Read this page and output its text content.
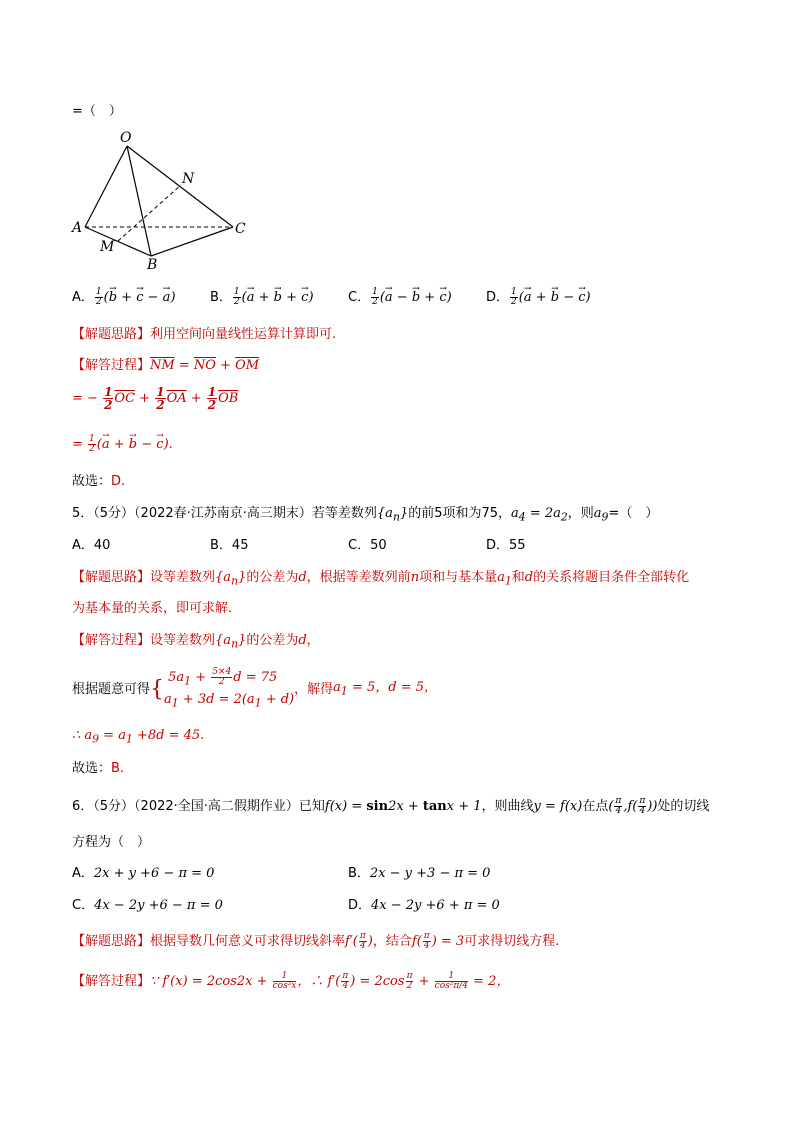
=（　）
O
N
A	C
M
B
A． $\frac{1}{2}$ (→ b + → c − → a)	B． $\frac{1}{2}$ (→ a + → b + → c)	C． $\frac{1}{2}$ (→ a − → b + → c)	D． $\frac{1}{2}$ (→ a + → b − → c)
【解题思路】利用空间向量线性运算计算即可.
【解答过程】$\overline{NM} = \overline{NO} + \overline{OM}$
= − $\frac{1}{2} \overline{OC} + \frac{1}{2} \overline{OA} + \frac{1}{2} \overline{OB}$
= $\frac{1}{2}$ (→ a + → b − → c).
故选：D.
5．（5分）（2022春·江苏南京·高三期末）若等差数列$\{a_n\}$的前5项和为75，$a_4 = 2a_2$，则$a_9=$（　）
A．40	B．45	C．50	D．55
【解题思路】设等差数列$\{a_n\}$的公差为d，根据等差数列前n项和与基本量$a_1$和d的关系将题目条件全部转化
为基本量的关系，即可求解.
【解答过程】设等差数列$\{a_n\}$的公差为d，
根据题意可得{ $5a_1 + \frac{5\times 4}{2}$ d = 75
$a_1 + 3d = 2(a_1 + d)$
，解得$a_1 = 5$，d = 5，
∴ $a_9 = a_1 +8d = 45$.
故选：B.
6．（5分）（2022·全国·高二假期作业）已知f(x) = sin2x + tanx + 1，则曲线y = f(x)在点( $\frac{\pi}{4} ,f( \frac{\pi}{4}$ ))处的切线
方程为（　）
A．2x + y +6 − π = 0	B．2x − y +3 − π = 0
C．4x − 2y +6 − π = 0	D．4x − 2y +6 + π = 0
【解题思路】根据导数几何意义可求得切线斜率$f'( \frac{\pi}{4}$ )，结合$f( \frac{\pi}{4}$ ) = 3可求得切线方程.
【解答过程】∵ $f'(x) = 2\cos 2x + \frac{1}{\text{cos²x}}$ ，∴ $f'( \frac{\pi}{4}$ ) = $2\cos \frac{\pi}{2} + \frac{1}{\text{cos²π/4}} = 2$，
